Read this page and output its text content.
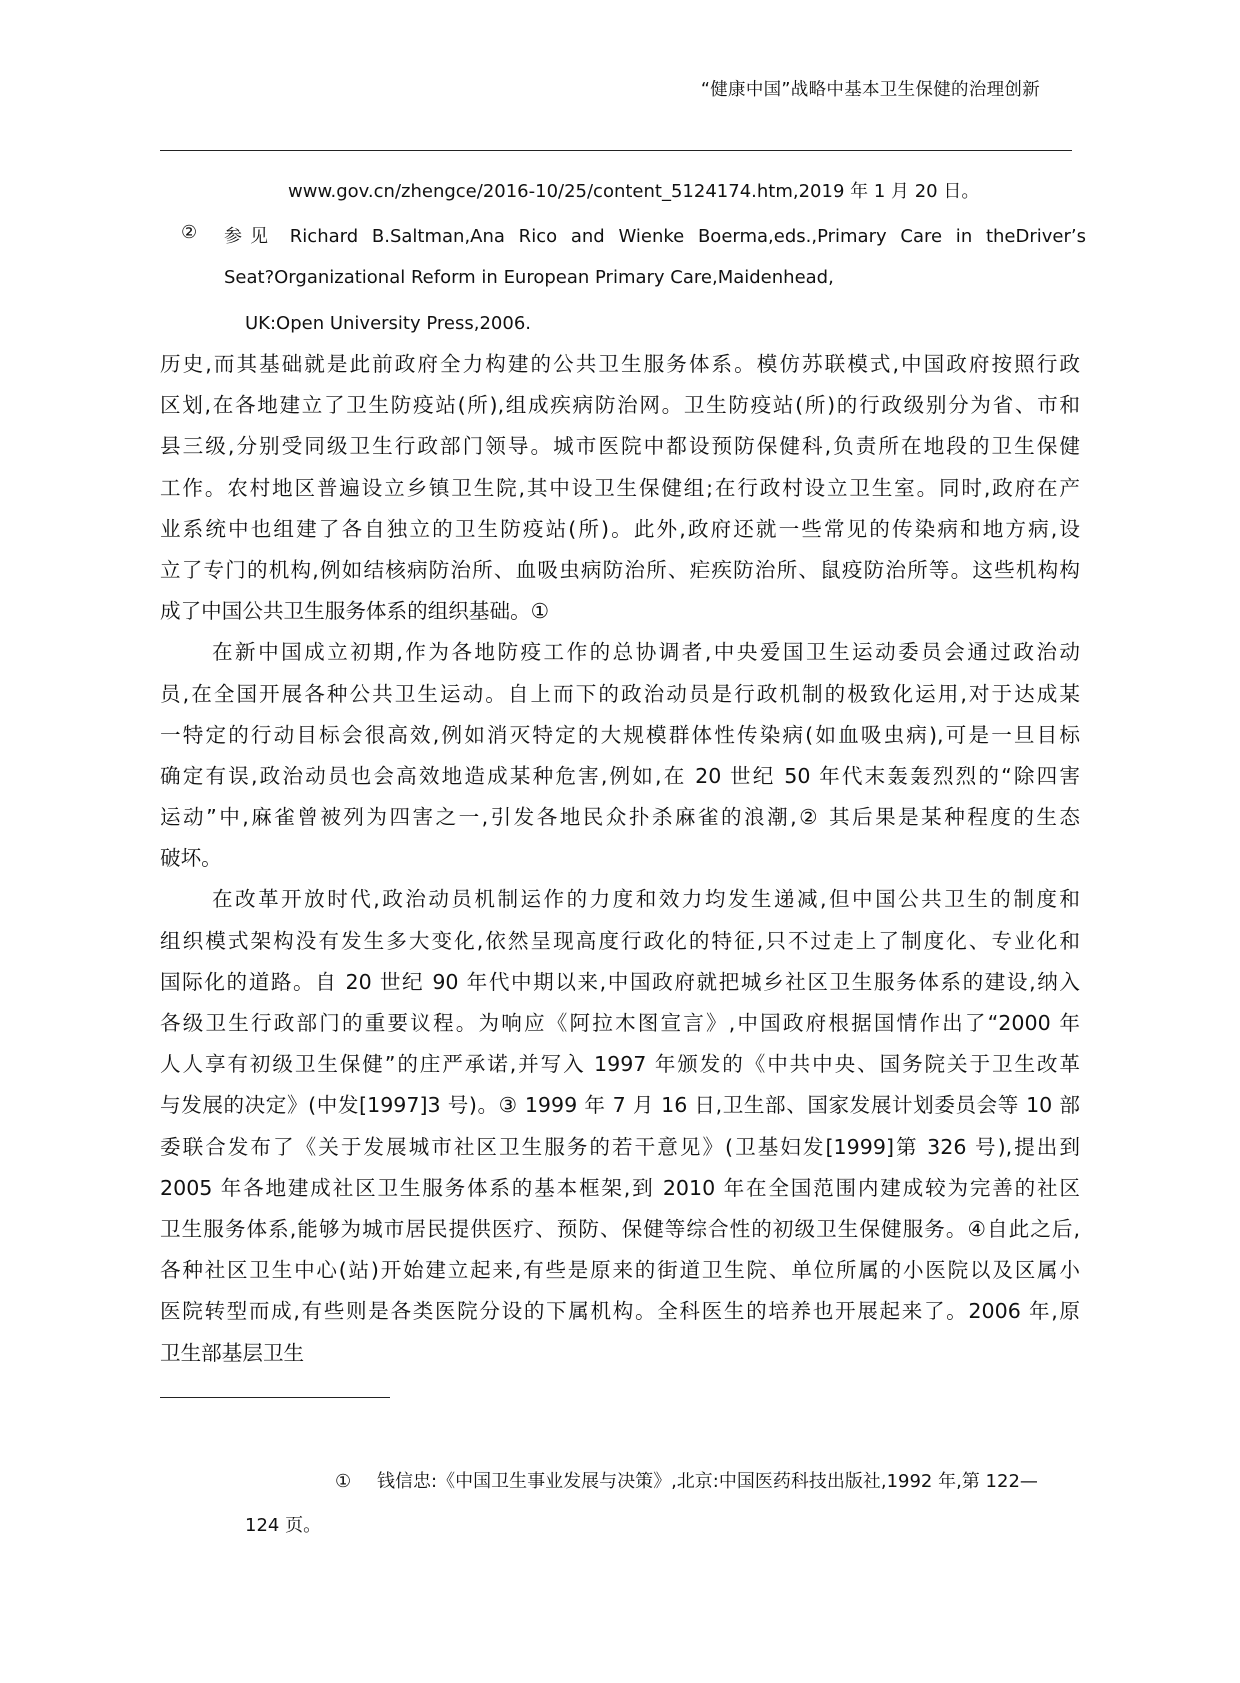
“健康中国”战略中基本卫生保健的治理创新
www.gov.cn/zhengce/2016-10/25/content_5124174.htm,2019 年 1 月 20 日。
② 参见 Richard B.Saltman,Ana Rico and Wienke Boerma,eds.,Primary Care in theDriver’s
Seat?Organizational Reform in European Primary Care,Maidenhead,
UK:Open University Press,2006.
历史,而其基础就是此前政府全力构建的公共卫生服务体系。模仿苏联模式,中国政府按照行政
区划,在各地建立了卫生防疫站(所),组成疾病防治网。卫生防疫站(所)的行政级别分为省、市和
县三级,分别受同级卫生行政部门领导。城市医院中都设预防保健科,负责所在地段的卫生保健
工作。农村地区普遍设立乡镇卫生院,其中设卫生保健组;在行政村设立卫生室。同时,政府在产
业系统中也组建了各自独立的卫生防疫站(所)。此外,政府还就一些常见的传染病和地方病,设
立了专门的机构,例如结核病防治所、血吸虫病防治所、疟疾防治所、鼠疫防治所等。这些机构构
成了中国公共卫生服务体系的组织基础。①
在新中国成立初期,作为各地防疫工作的总协调者,中央爱国卫生运动委员会通过政治动
员,在全国开展各种公共卫生运动。自上而下的政治动员是行政机制的极致化运用,对于达成某
一特定的行动目标会很高效,例如消灭特定的大规模群体性传染病(如血吸虫病),可是一旦目标
确定有误,政治动员也会高效地造成某种危害,例如,在 20 世纪 50 年代末轰轰烈烈的“除四害
运动”中,麻雀曾被列为四害之一,引发各地民众扑杀麻雀的浪潮,② 其后果是某种程度的生态
破坏。
在改革开放时代,政治动员机制运作的力度和效力均发生递减,但中国公共卫生的制度和
组织模式架构没有发生多大变化,依然呈现高度行政化的特征,只不过走上了制度化、专业化和
国际化的道路。自 20 世纪 90 年代中期以来,中国政府就把城乡社区卫生服务体系的建设,纳入
各级卫生行政部门的重要议程。为响应《阿拉木图宣言》,中国政府根据国情作出了“2000 年
人人享有初级卫生保健”的庄严承诺,并写入 1997 年颁发的《中共中央、国务院关于卫生改革
与发展的决定》(中发[1997]3 号)。③ 1999 年 7 月 16 日,卫生部、国家发展计划委员会等 10 部
委联合发布了《关于发展城市社区卫生服务的若干意见》(卫基妇发[1999]第 326 号),提出到
2005 年各地建成社区卫生服务体系的基本框架,到 2010 年在全国范围内建成较为完善的社区
卫生服务体系,能够为城市居民提供医疗、预防、保健等综合性的初级卫生保健服务。④自此之后,
各种社区卫生中心(站)开始建立起来,有些是原来的街道卫生院、单位所属的小医院以及区属小
医院转型而成,有些则是各类医院分设的下属机构。全科医生的培养也开展起来了。2006 年,原
卫生部基层卫生
① 钱信忠:《中国卫生事业发展与决策》,北京:中国医药科技出版社,1992 年,第 122—
124 页。
